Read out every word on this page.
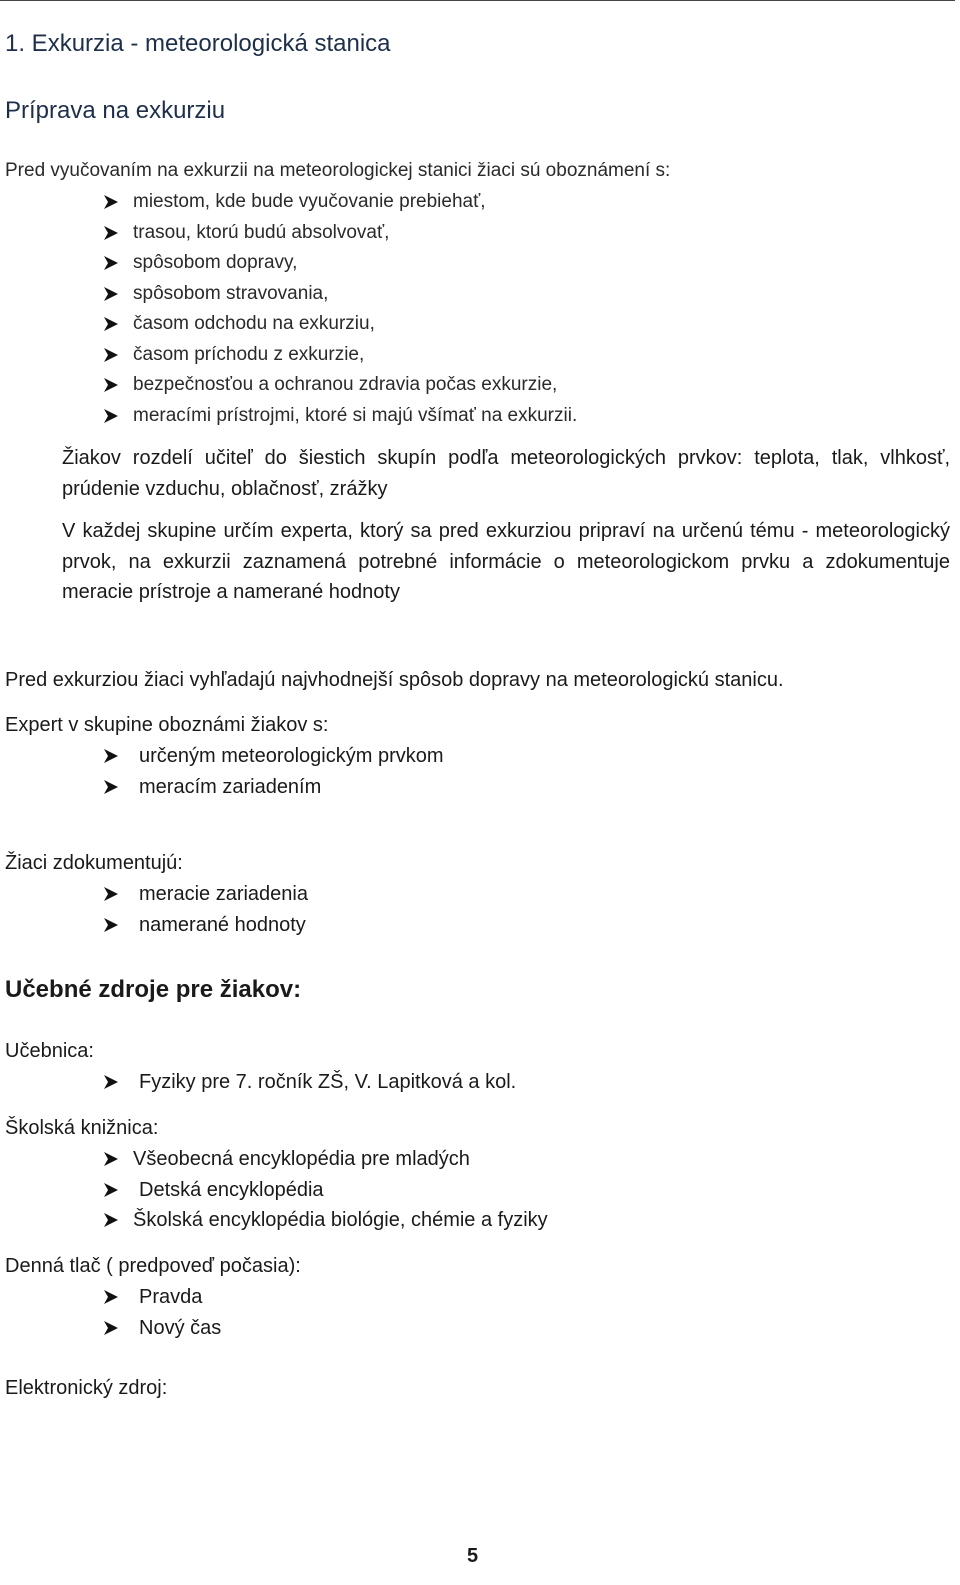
1. Exkurzia - meteorologická stanica
Príprava na exkurziu
Pred vyučovaním na exkurzii na meteorologickej stanici žiaci sú oboznámení s:
miestom, kde bude vyučovanie prebiehať,
trasou, ktorú budú absolvovať,
spôsobom dopravy,
spôsobom stravovania,
časom odchodu na exkurziu,
časom príchodu z exkurzie,
bezpečnosťou a ochranou zdravia počas exkurzie,
meracími prístrojmi, ktoré si majú všímať na exkurzii.
Žiakov rozdelí učiteľ do šiestich skupín podľa meteorologických prvkov: teplota, tlak, vlhkosť, prúdenie vzduchu, oblačnosť, zrážky
V každej skupine určím experta, ktorý sa pred exkurziou pripraví na určenú tému - meteorologický prvok, na exkurzii zaznamená potrebné informácie o meteorologickom prvku a zdokumentuje meracie prístroje a namerané hodnoty
Pred exkurziou žiaci vyhľadajú najvhodnejší spôsob dopravy na meteorologickú stanicu.
Expert v skupine oboznámi žiakov s:
určeným meteorologickým prvkom
meracím zariadením
Žiaci zdokumentujú:
meracie zariadenia
namerané hodnoty
Učebné zdroje pre žiakov:
Učebnica:
Fyziky pre 7. ročník ZŠ, V. Lapitková a kol.
Školská knižnica:
Všeobecná encyklopédia pre mladých
Detská encyklopédia
Školská encyklopédia biológie, chémie a fyziky
Denná tlač ( predpoveď počasia):
Pravda
Nový čas
Elektronický zdroj:
5
